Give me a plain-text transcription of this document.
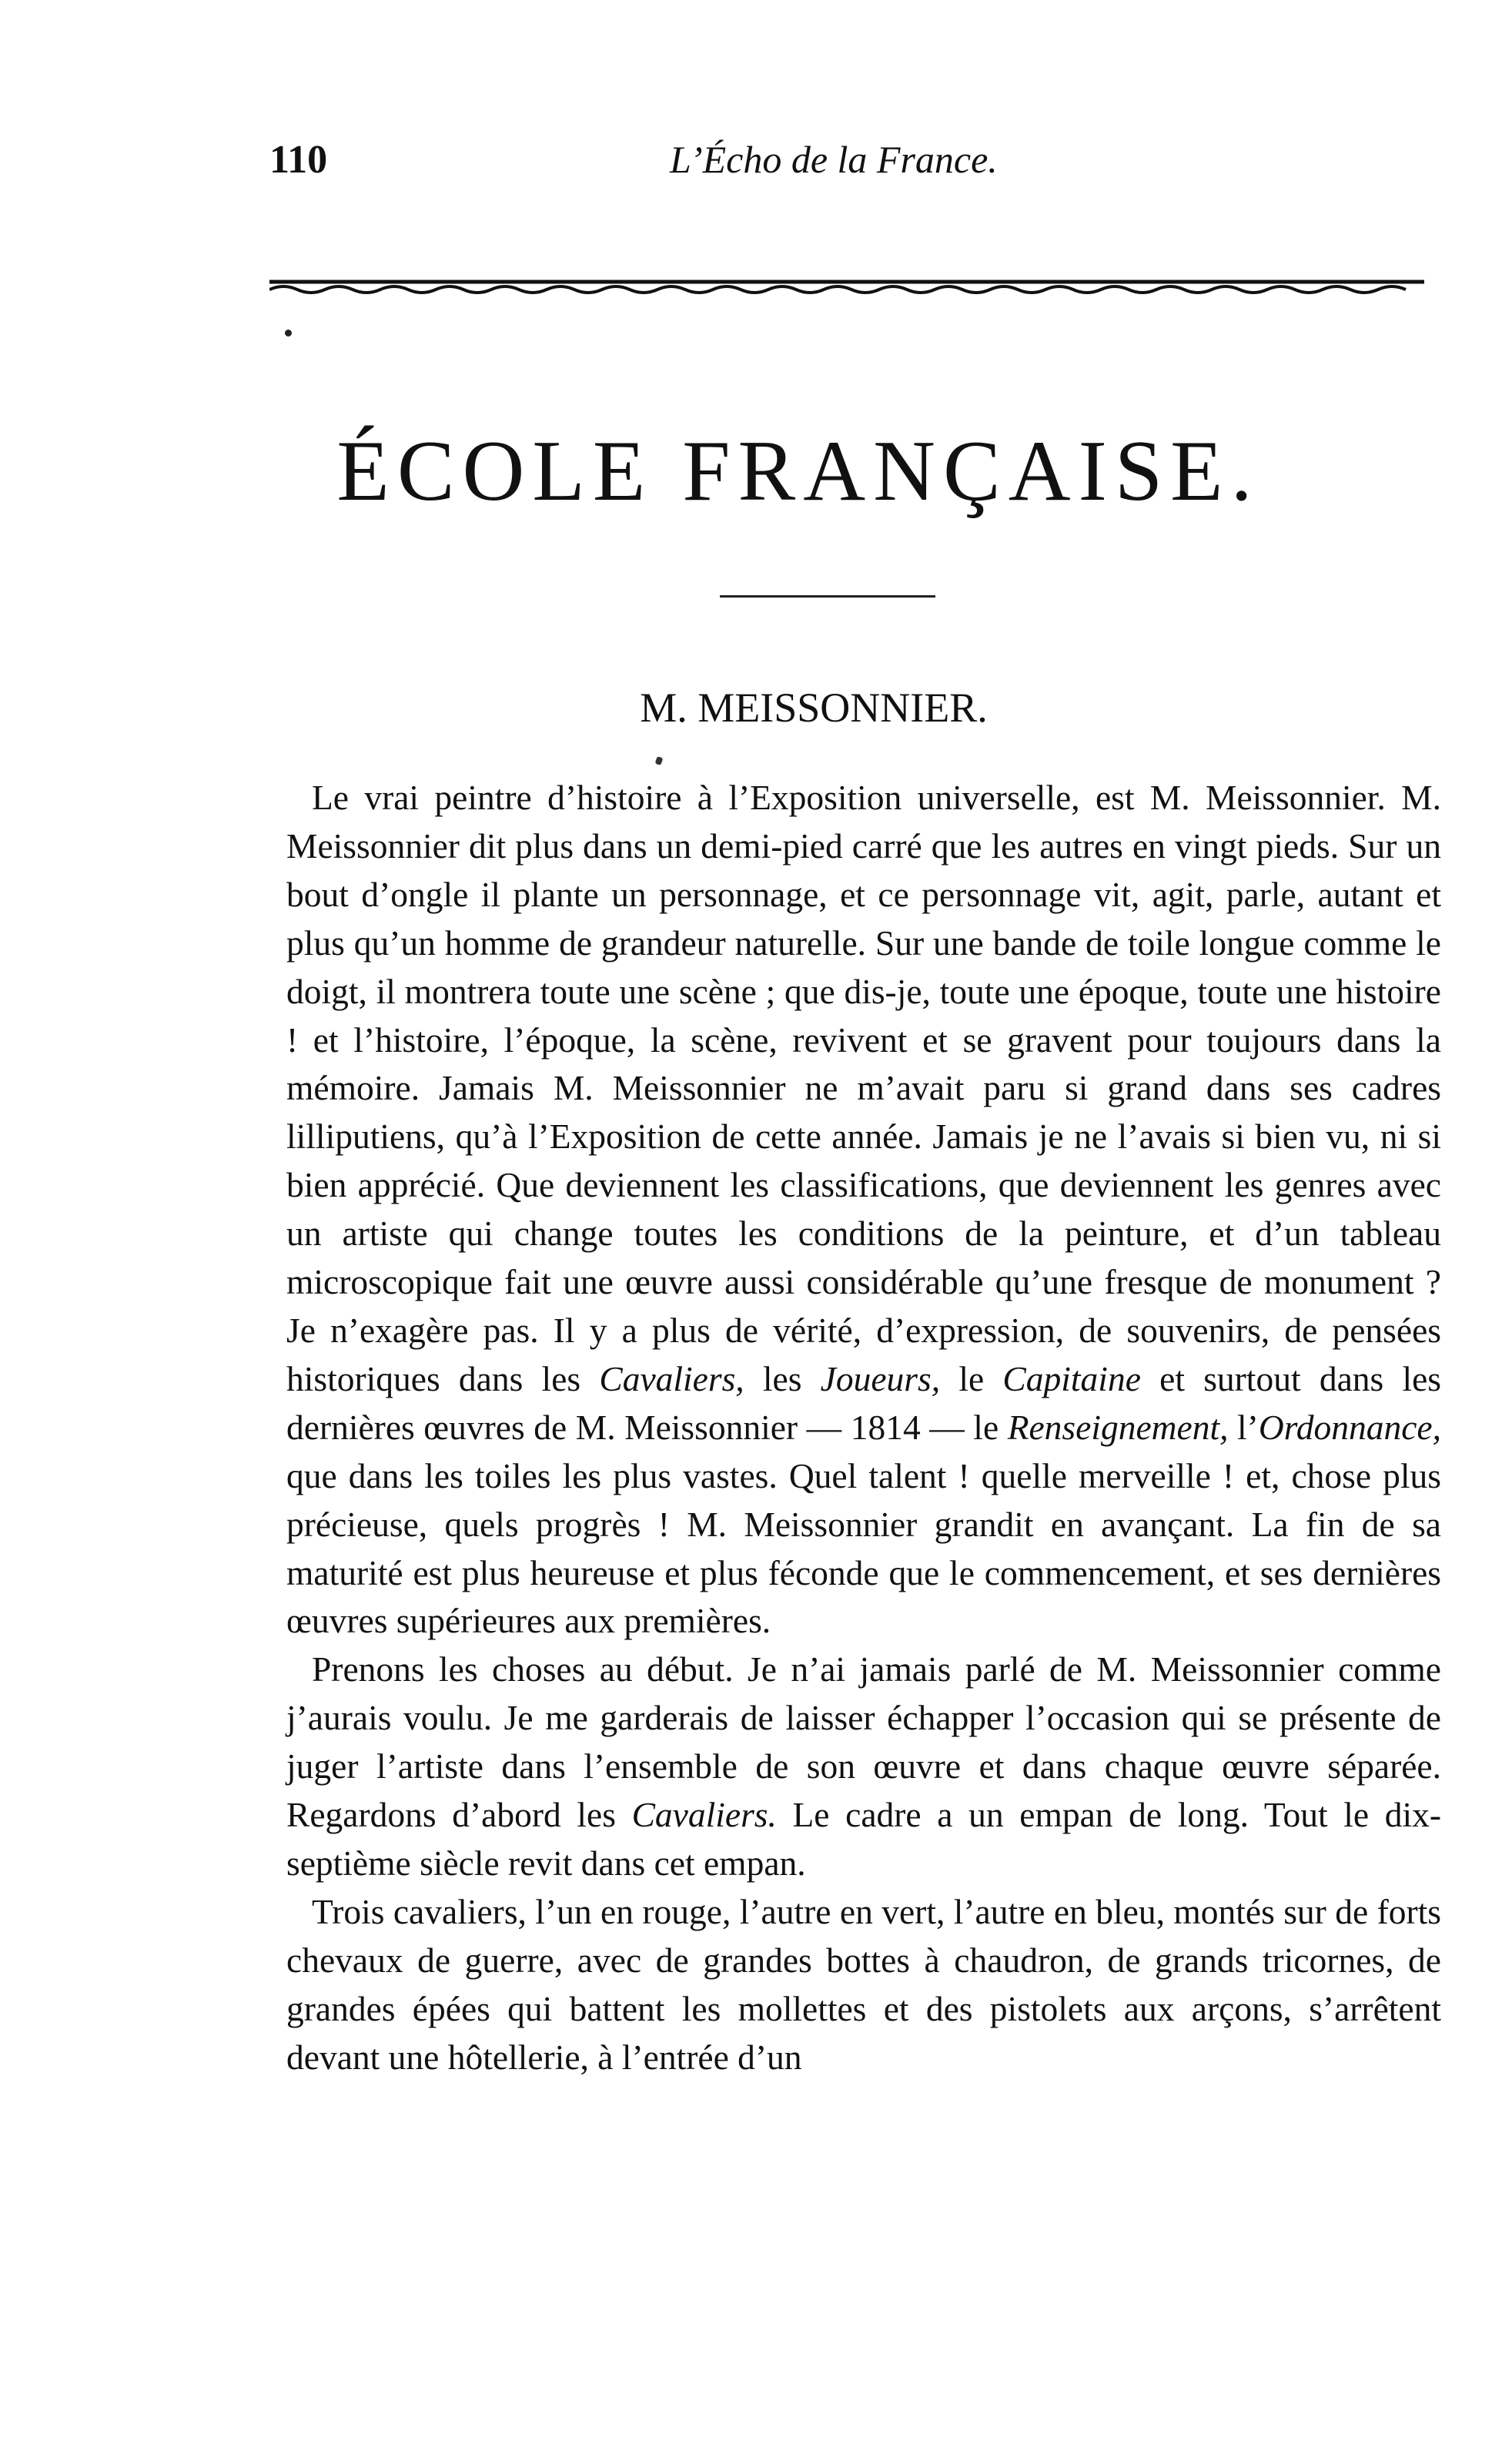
110	L’Écho de la France.
ÉCOLE FRANÇAISE.
M. MEISSONNIER.

Le vrai peintre d’histoire à l’Exposition universelle, est M. Meissonnier. M. Meissonnier dit plus dans un demi-pied carré que les autres en vingt pieds. Sur un bout d’ongle il plante un personnage, et ce personnage vit, agit, parle, autant et plus qu’un homme de grandeur naturelle. Sur une bande de toile longue comme le doigt, il montrera toute une scène ; que dis-je, toute une époque, toute une histoire ! et l’histoire, l’époque, la scène, revivent et se gravent pour toujours dans la mémoire. Jamais M. Meissonnier ne m’avait paru si grand dans ses cadres lilliputiens, qu’à l’Exposition de cette année. Jamais je ne l’avais si bien vu, ni si bien apprécié. Que deviennent les classifications, que deviennent les genres avec un artiste qui change toutes les conditions de la peinture, et d’un tableau microscopique fait une œuvre aussi considérable qu’une fresque de monument ? Je n’exagère pas. Il y a plus de vérité, d’expression, de souvenirs, de pensées historiques dans les Cavaliers, les Joueurs, le Capitaine et surtout dans les dernières œuvres de M. Meissonnier — 1814 — le Renseignement, l’Ordonnance, que dans les toiles les plus vastes. Quel talent ! quelle merveille ! et, chose plus précieuse, quels progrès ! M. Meissonnier grandit en avançant. La fin de sa maturité est plus heureuse et plus féconde que le commencement, et ses dernières œuvres supérieures aux premières.

Prenons les choses au début. Je n’ai jamais parlé de M. Meissonnier comme j’aurais voulu. Je me garderais de laisser échapper l’occasion qui se présente de juger l’artiste dans l’ensemble de son œuvre et dans chaque œuvre séparée. Regardons d’abord les Cavaliers. Le cadre a un empan de long. Tout le dix-septième siècle revit dans cet empan.

Trois cavaliers, l’un en rouge, l’autre en vert, l’autre en bleu, montés sur de forts chevaux de guerre, avec de grandes bottes à chaudron, de grands tricornes, de grandes épées qui battent les mollettes et des pistolets aux arçons, s’arrêtent devant une hôtellerie, à l’entrée d’un
